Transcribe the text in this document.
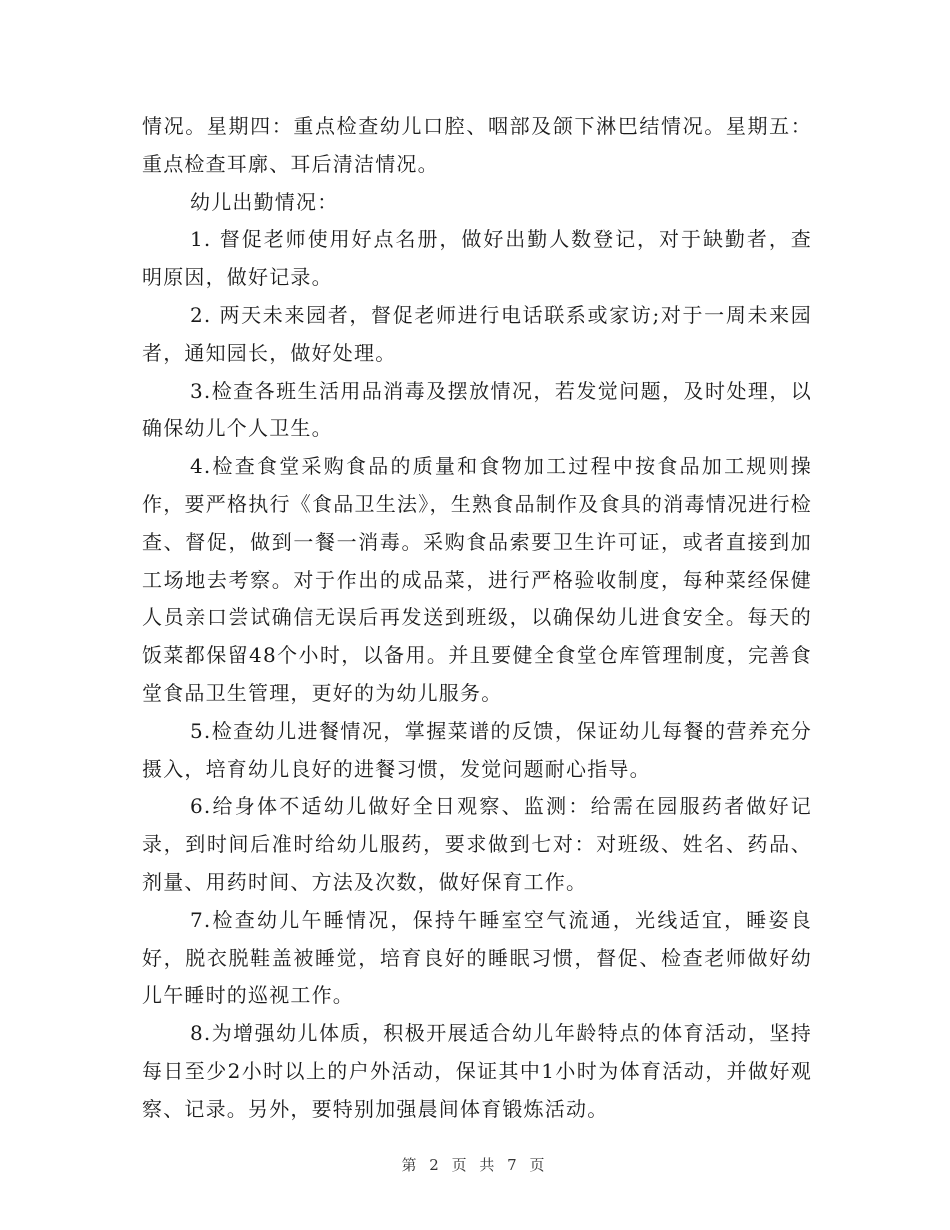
情况。星期四：重点检查幼儿口腔、咽部及颌下淋巴结情况。星期五：重点检查耳廓、耳后清洁情况。

幼儿出勤情况：

1. 督促老师使用好点名册，做好出勤人数登记，对于缺勤者，查明原因，做好记录。

2. 两天未来园者，督促老师进行电话联系或家访;对于一周未来园者，通知园长，做好处理。

3.检查各班生活用品消毒及摆放情况，若发觉问题，及时处理，以确保幼儿个人卫生。

4.检查食堂采购食品的质量和食物加工过程中按食品加工规则操作，要严格执行《食品卫生法》，生熟食品制作及食具的消毒情况进行检查、督促，做到一餐一消毒。采购食品索要卫生许可证，或者直接到加工场地去考察。对于作出的成品菜，进行严格验收制度，每种菜经保健人员亲口尝试确信无误后再发送到班级，以确保幼儿进食安全。每天的饭菜都保留48个小时，以备用。并且要健全食堂仓库管理制度，完善食堂食品卫生管理，更好的为幼儿服务。

5.检查幼儿进餐情况，掌握菜谱的反馈，保证幼儿每餐的营养充分摄入，培育幼儿良好的进餐习惯，发觉问题耐心指导。

6.给身体不适幼儿做好全日观察、监测：给需在园服药者做好记录，到时间后准时给幼儿服药，要求做到七对：对班级、姓名、药品、剂量、用药时间、方法及次数，做好保育工作。

7.检查幼儿午睡情况，保持午睡室空气流通，光线适宜，睡姿良好，脱衣脱鞋盖被睡觉，培育良好的睡眠习惯，督促、检查老师做好幼儿午睡时的巡视工作。

8.为增强幼儿体质，积极开展适合幼儿年龄特点的体育活动，坚持每日至少2小时以上的户外活动，保证其中1小时为体育活动，并做好观察、记录。另外，要特别加强晨间体育锻炼活动。

第 2 页 共 7 页
